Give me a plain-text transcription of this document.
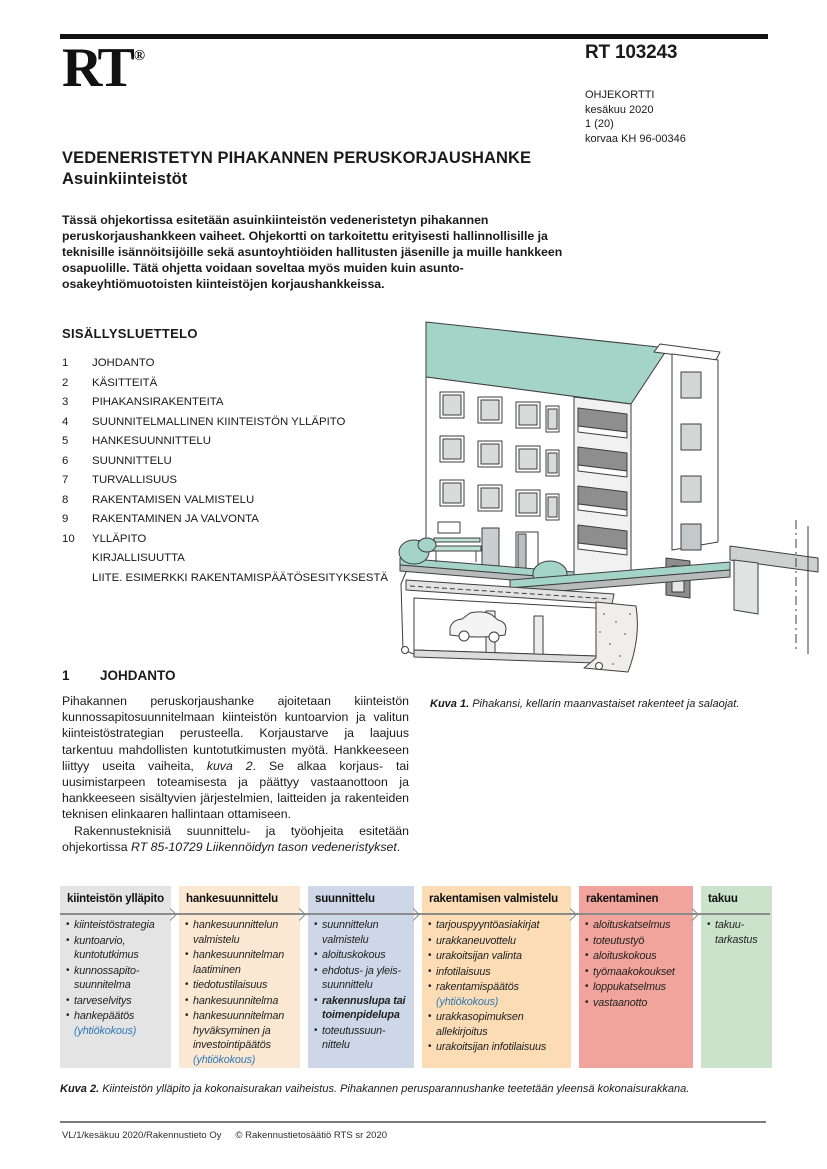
RT ®	RT 103243
OHJEKORTTI
kesäkuu 2020
1 (20)
korvaa KH 96-00346
VEDENERISTETYN PIHAKANNEN PERUSKORJAUSHANKE
Asuinkiinteistöt
Tässä ohjekortissa esitetään asuinkiinteistön vedeneristetyn pihakannen peruskorjaushankkeen vaiheet. Ohjekortti on tarkoitettu erityisesti hallinnollisille ja teknisille isännöitsijöille sekä asuntoyhtiöiden hallitusten jäsenille ja muille hankkeen osapuolille. Tätä ohjetta voidaan soveltaa myös muiden kuin asunto-osakeyhtiömuotoisten kiinteistöjen korjaushankkeissa.
SISÄLLYSLUETTELO
1	JOHDANTO
2	KÄSITTEITÄ
3	PIHAKANSIRAKENTEITA
4	SUUNNITELMALLINEN KIINTEISTÖN YLLÄPITO
5	HANKESUUNNITTELU
6	SUUNNITTELU
7	TURVALLISUUS
8	RAKENTAMISEN VALMISTELU
9	RAKENTAMINEN JA VALVONTA
10	YLLÄPITO
KIRJALLISUUTTA
LIITE. ESIMERKKI RAKENTAMISPÄÄTÖSESITYKSESTÄ
Kuva 1. Pihakansi, kellarin maanvastaiset rakenteet ja salaojat.
1	JOHDANTO

Pihakannen peruskorjaushanke ajoitetaan kiinteistön kunnossapitosuunnitelmaan kiinteistön kuntoarvion ja valitun kiinteistöstrategian perusteella. Korjaustarve ja laajuus tarkentuu mahdollisten kuntotutkimusten myötä. Hankkeeseen liittyy useita vaiheita, kuva 2. Se alkaa korjaus- tai uusimistarpeen toteamisesta ja päättyy vastaanottoon ja hankkeeseen sisältyvien järjestelmien, laitteiden ja rakenteiden teknisen elinkaaren hallintaan ottamiseen.

Rakennusteknisiä suunnittelu- ja työohjeita esitetään ohjekortissa RT 85-10729 Liikennöidyn tason vedeneristykset.

kiinteistön ylläpito
• kiinteistöstrategia
• kuntoarvio, kuntotutkimus
• kunnossapito-suunnitelma
• tarveselvitys
• hankepäätös
(yhtiökokous)
hankesuunnittelu
• hankesuunnittelun valmistelu
• hankesuunnitelman laatiminen
• tiedotustilaisuus
• hankesuunnitelma
• hankesuunnitelman hyväksyminen ja investointipäätös
(yhtiökokous)
suunnittelu
• suunnittelun valmistelu
• aloituskokous
• ehdotus- ja yleis-suunnittelu
• rakennuslupa tai toimenpidelupa
• toteutussuun-nittelu
rakentamisen valmistelu
• tarjouspyyntöasiakirjat
• urakkaneuvottelu
• urakoitsijan valinta
• infotilaisuus
• rakentamispäätös
(yhtiökokous)
• urakkasopimuksen allekirjoitus
• urakoitsijan infotilaisuus
rakentaminen
• aloituskatselmus
• toteutustyö
• aloituskokous
• työmaakokoukset
• loppukatselmus
• vastaanotto
takuu
• takuu-tarkastus
Kuva 2. Kiinteistön ylläpito ja kokonaisurakan vaiheistus. Pihakannen perusparannushanke teetetään yleensä kokonaisurakkana.
VL/1/kesäkuu 2020/Rakennustieto Oy © Rakennustietosäätiö RTS sr 2020
